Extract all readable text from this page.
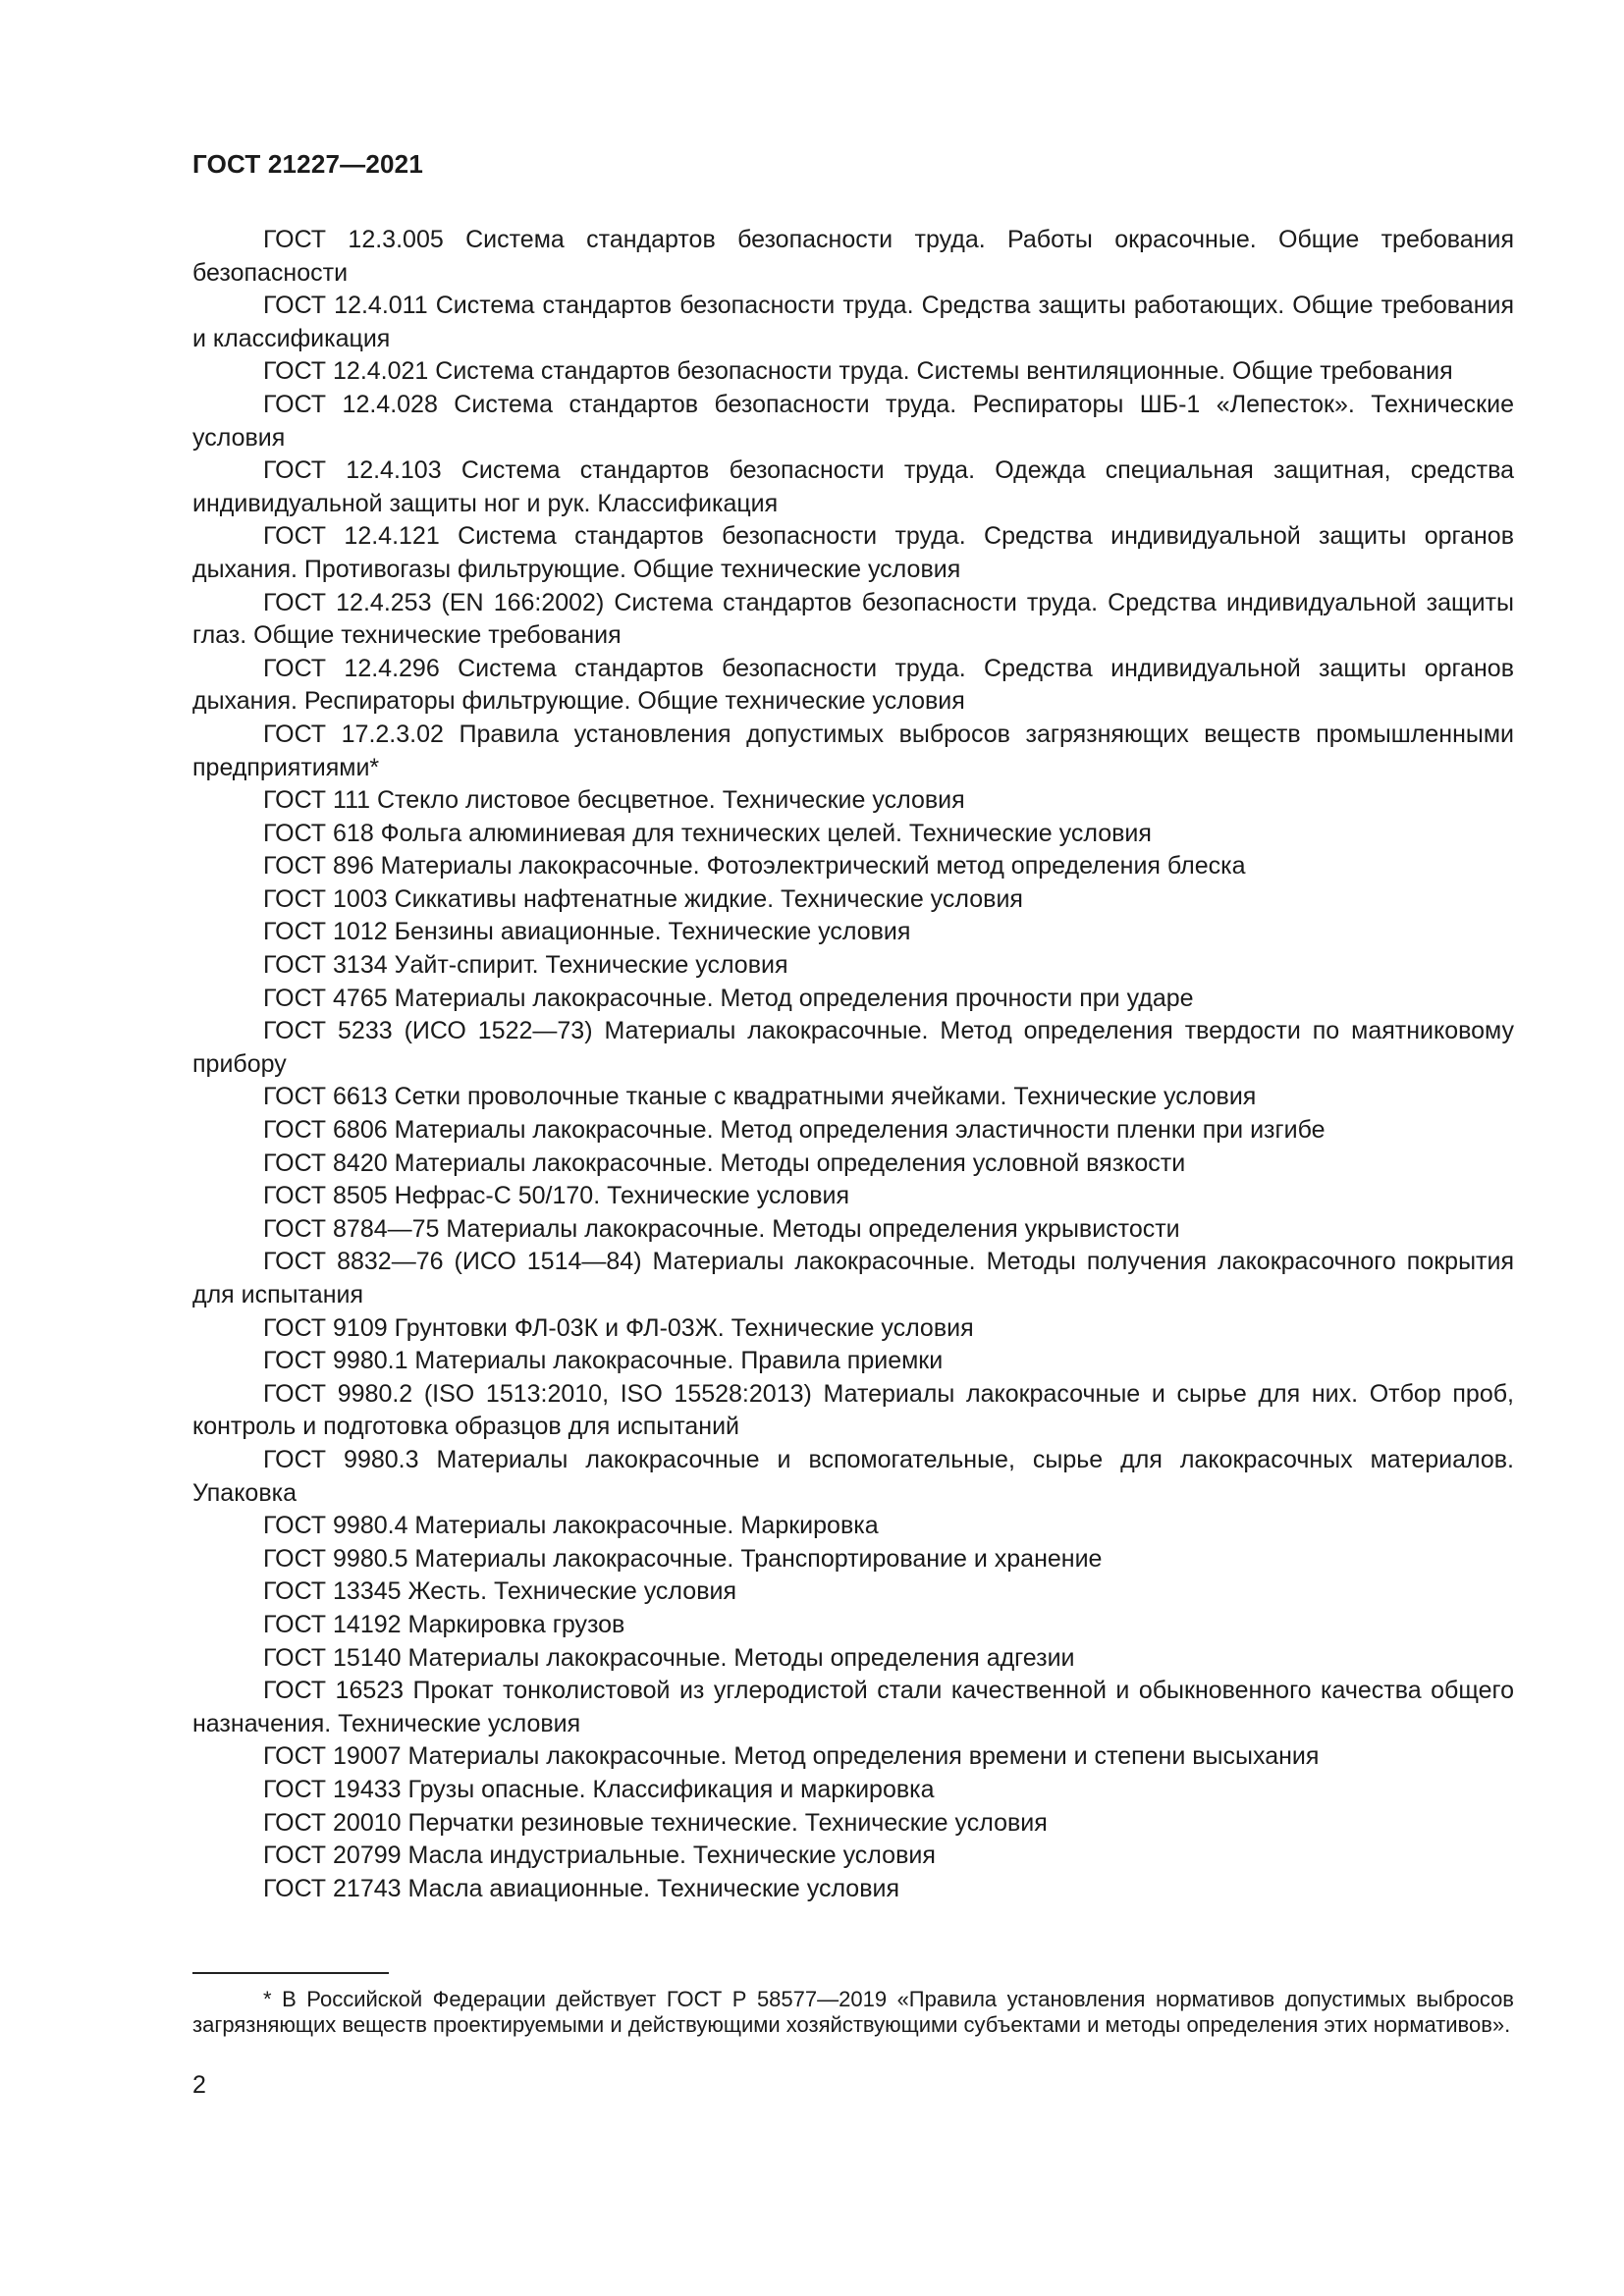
ГОСТ 21227—2021
ГОСТ 12.3.005 Система стандартов безопасности труда. Работы окрасочные. Общие требования безопасности
ГОСТ 12.4.011 Система стандартов безопасности труда. Средства защиты работающих. Общие требования и классификация
ГОСТ 12.4.021 Система стандартов безопасности труда. Системы вентиляционные. Общие требования
ГОСТ 12.4.028 Система стандартов безопасности труда. Респираторы ШБ-1 «Лепесток». Технические условия
ГОСТ 12.4.103 Система стандартов безопасности труда. Одежда специальная защитная, средства индивидуальной защиты ног и рук. Классификация
ГОСТ 12.4.121 Система стандартов безопасности труда. Средства индивидуальной защиты органов дыхания. Противогазы фильтрующие. Общие технические условия
ГОСТ 12.4.253 (EN 166:2002) Система стандартов безопасности труда. Средства индивидуальной защиты глаз. Общие технические требования
ГОСТ 12.4.296 Система стандартов безопасности труда. Средства индивидуальной защиты органов дыхания. Респираторы фильтрующие. Общие технические условия
ГОСТ 17.2.3.02 Правила установления допустимых выбросов загрязняющих веществ промышленными предприятиями*
ГОСТ 111 Стекло листовое бесцветное. Технические условия
ГОСТ 618 Фольга алюминиевая для технических целей. Технические условия
ГОСТ 896 Материалы лакокрасочные. Фотоэлектрический метод определения блеска
ГОСТ 1003 Сиккативы нафтенатные жидкие. Технические условия
ГОСТ 1012 Бензины авиационные. Технические условия
ГОСТ 3134 Уайт-спирит. Технические условия
ГОСТ 4765 Материалы лакокрасочные. Метод определения прочности при ударе
ГОСТ 5233 (ИСО 1522—73) Материалы лакокрасочные. Метод определения твердости по маятниковому прибору
ГОСТ 6613 Сетки проволочные тканые с квадратными ячейками. Технические условия
ГОСТ 6806 Материалы лакокрасочные. Метод определения эластичности пленки при изгибе
ГОСТ 8420 Материалы лакокрасочные. Методы определения условной вязкости
ГОСТ 8505 Нефрас-С 50/170. Технические условия
ГОСТ 8784—75 Материалы лакокрасочные. Методы определения укрывистости
ГОСТ 8832—76 (ИСО 1514—84) Материалы лакокрасочные. Методы получения лакокрасочного покрытия для испытания
ГОСТ 9109 Грунтовки ФЛ-03К и ФЛ-03Ж. Технические условия
ГОСТ 9980.1 Материалы лакокрасочные. Правила приемки
ГОСТ 9980.2 (ISO 1513:2010, ISO 15528:2013) Материалы лакокрасочные и сырье для них. Отбор проб, контроль и подготовка образцов для испытаний
ГОСТ 9980.3 Материалы лакокрасочные и вспомогательные, сырье для лакокрасочных материалов. Упаковка
ГОСТ 9980.4 Материалы лакокрасочные. Маркировка
ГОСТ 9980.5 Материалы лакокрасочные. Транспортирование и хранение
ГОСТ 13345 Жесть. Технические условия
ГОСТ 14192 Маркировка грузов
ГОСТ 15140 Материалы лакокрасочные. Методы определения адгезии
ГОСТ 16523 Прокат тонколистовой из углеродистой стали качественной и обыкновенного качества общего назначения. Технические условия
ГОСТ 19007 Материалы лакокрасочные. Метод определения времени и степени высыхания
ГОСТ 19433 Грузы опасные. Классификация и маркировка
ГОСТ 20010 Перчатки резиновые технические. Технические условия
ГОСТ 20799 Масла индустриальные. Технические условия
ГОСТ 21743 Масла авиационные. Технические условия

* В Российской Федерации действует ГОСТ Р 58577—2019 «Правила установления нормативов допустимых выбросов загрязняющих веществ проектируемыми и действующими хозяйствующими субъектами и методы определения этих нормативов».

2
